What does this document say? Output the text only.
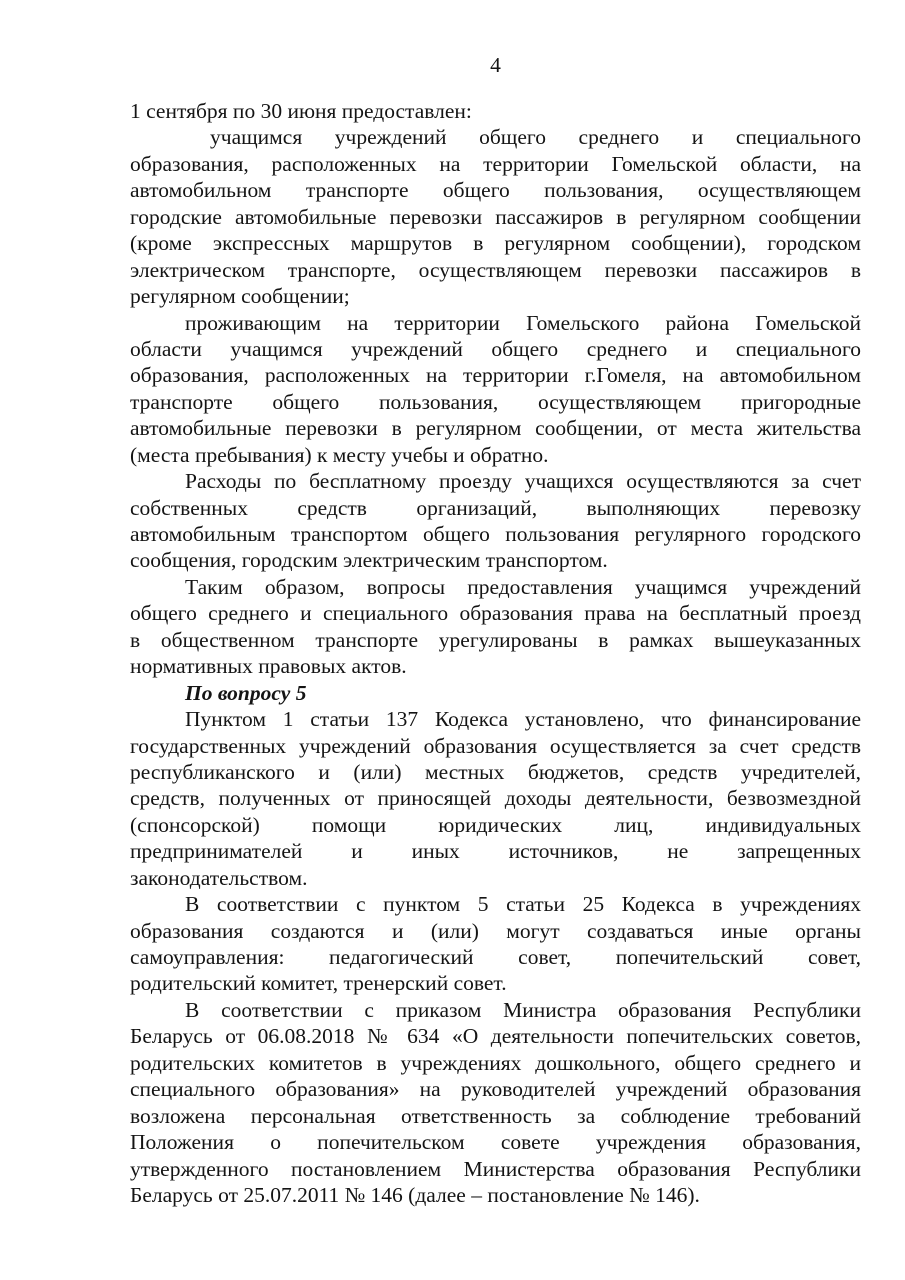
4
1 сентября по 30 июня предоставлен:
учащимся учреждений общего среднего и специального
образования, расположенных на территории Гомельской области, на
автомобильном транспорте общего пользования, осуществляющем
городские автомобильные перевозки пассажиров в регулярном сообщении
(кроме экспрессных маршрутов в регулярном сообщении), городском
электрическом транспорте, осуществляющем перевозки пассажиров в
регулярном сообщении;
проживающим на территории Гомельского района Гомельской
области учащимся учреждений общего среднего и специального
образования, расположенных на территории г.Гомеля, на автомобильном
транспорте общего пользования, осуществляющем пригородные
автомобильные перевозки в регулярном сообщении, от места жительства
(места пребывания) к месту учебы и обратно.
Расходы по бесплатному проезду учащихся осуществляются за счет
собственных средств организаций, выполняющих перевозку
автомобильным транспортом общего пользования регулярного городского
сообщения, городским электрическим транспортом.
Таким образом, вопросы предоставления учащимся учреждений
общего среднего и специального образования права на бесплатный проезд
в общественном транспорте урегулированы в рамках вышеуказанных
нормативных правовых актов.
По вопросу 5
Пунктом 1 статьи 137 Кодекса установлено, что финансирование
государственных учреждений образования осуществляется за счет средств
республиканского и (или) местных бюджетов, средств учредителей,
средств, полученных от приносящей доходы деятельности, безвозмездной
(спонсорской) помощи юридических лиц, индивидуальных
предпринимателей и иных источников, не запрещенных
законодательством.
В соответствии с пунктом 5 статьи 25 Кодекса в учреждениях
образования создаются и (или) могут создаваться иные органы
самоуправления: педагогический совет, попечительский совет,
родительский комитет, тренерский совет.
В соответствии с приказом Министра образования Республики
Беларусь от 06.08.2018 № 634 «О деятельности попечительских советов,
родительских комитетов в учреждениях дошкольного, общего среднего и
специального образования» на руководителей учреждений образования
возложена персональная ответственность за соблюдение требований
Положения о попечительском совете учреждения образования,
утвержденного постановлением Министерства образования Республики
Беларусь от 25.07.2011 № 146 (далее – постановление № 146).
